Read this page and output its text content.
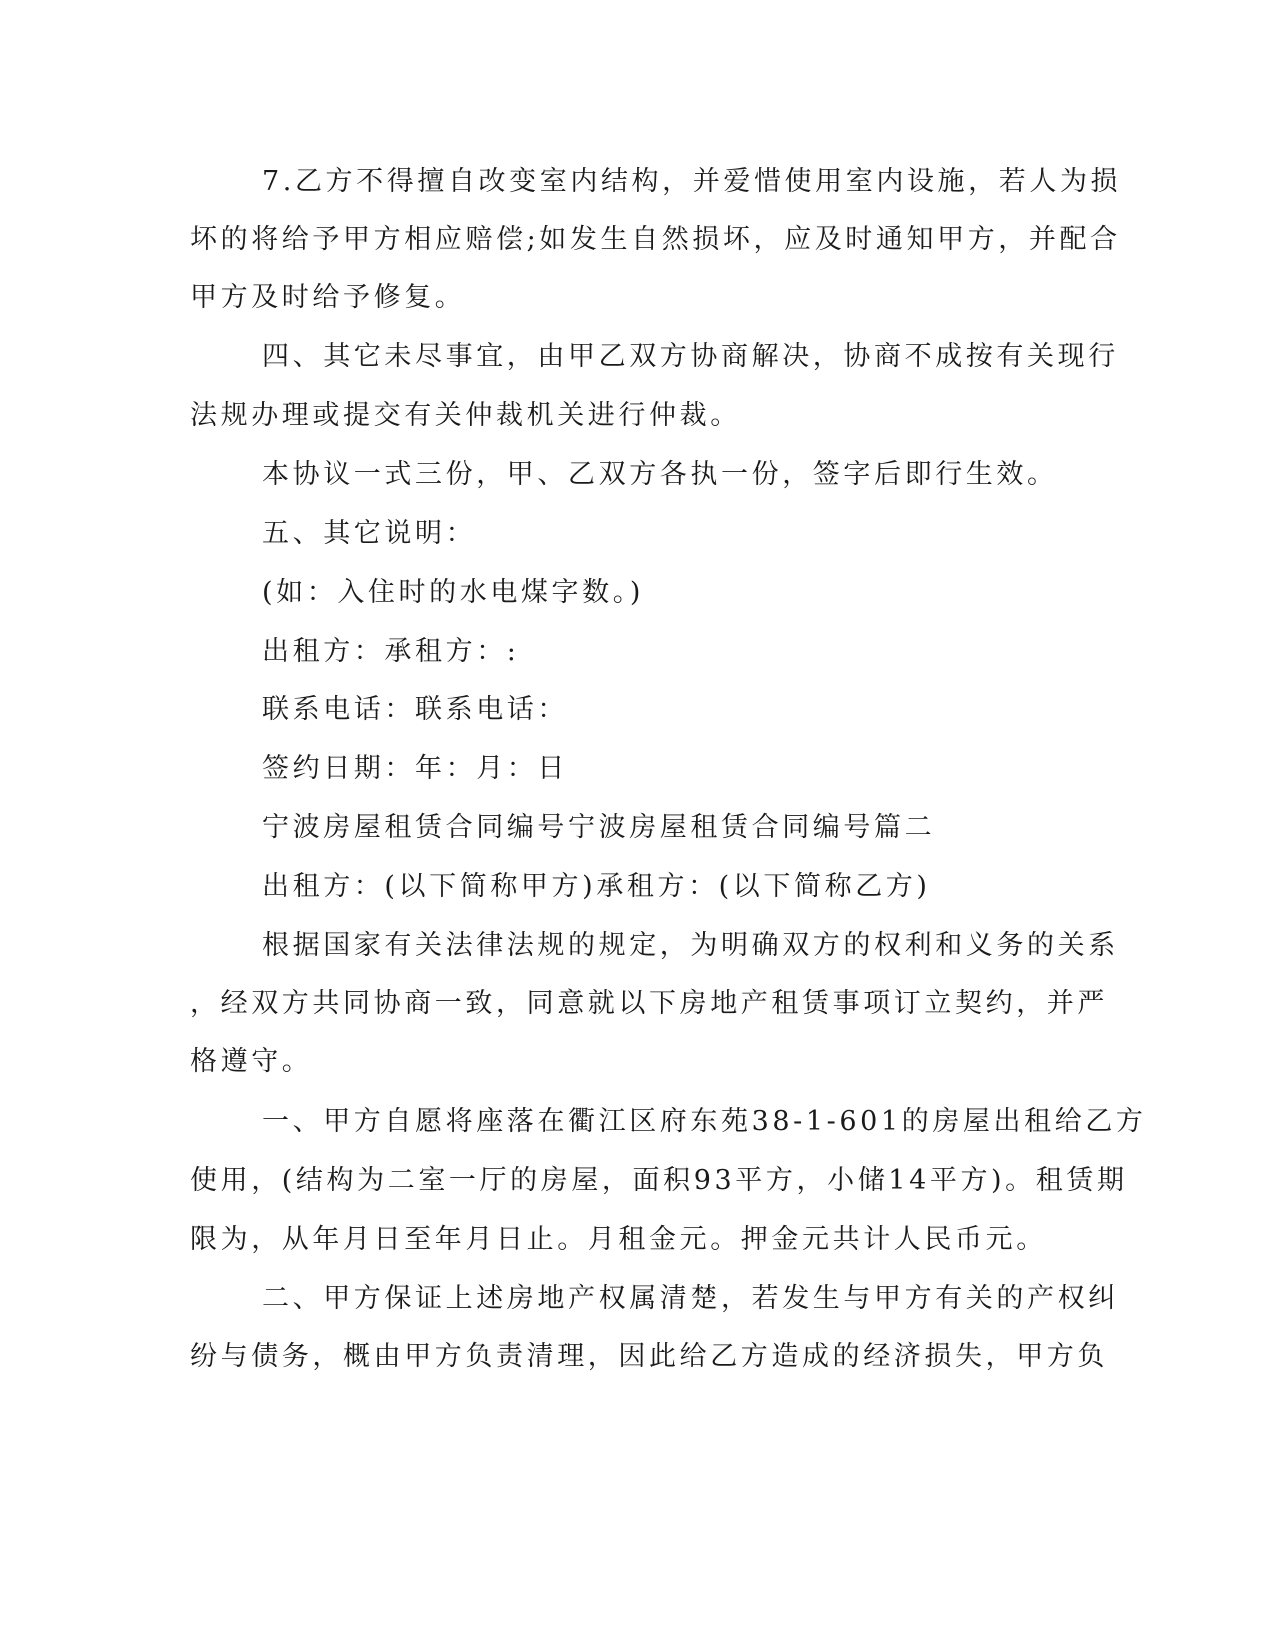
7.乙方不得擅自改变室内结构，并爱惜使用室内设施，若人为损
坏的将给予甲方相应赔偿;如发生自然损坏，应及时通知甲方，并配合
甲方及时给予修复。
四、其它未尽事宜，由甲乙双方协商解决，协商不成按有关现行
法规办理或提交有关仲裁机关进行仲裁。
本协议一式三份，甲、乙双方各执一份，签字后即行生效。
五、其它说明：
(如：入住时的水电煤字数。)
出租方：承租方：:
联系电话：联系电话：
签约日期：年：月：日
宁波房屋租赁合同编号宁波房屋租赁合同编号篇二
出租方：(以下简称甲方)承租方：(以下简称乙方)
根据国家有关法律法规的规定，为明确双方的权利和义务的关系
，经双方共同协商一致，同意就以下房地产租赁事项订立契约，并严
格遵守。
一、甲方自愿将座落在衢江区府东苑38-1-601的房屋出租给乙方
使用，(结构为二室一厅的房屋，面积93平方，小储14平方)。租赁期
限为，从年月日至年月日止。月租金元。押金元共计人民币元。
二、甲方保证上述房地产权属清楚，若发生与甲方有关的产权纠
纷与债务，概由甲方负责清理，因此给乙方造成的经济损失，甲方负
